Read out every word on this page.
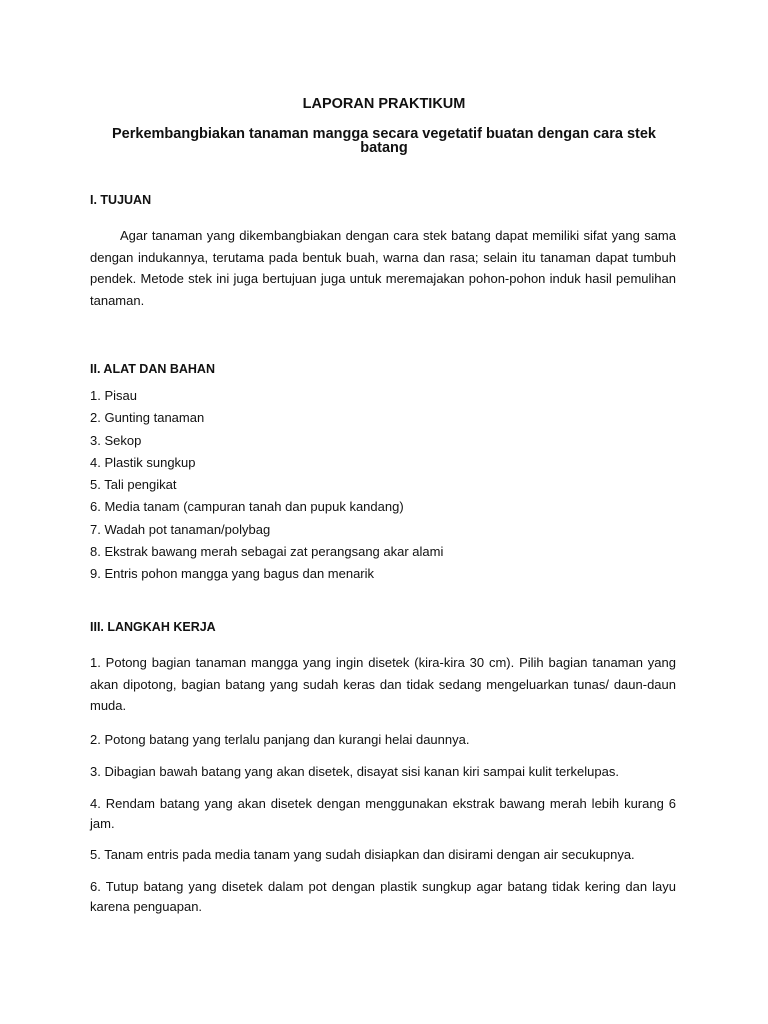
LAPORAN PRAKTIKUM
Perkembangbiakan tanaman mangga secara vegetatif buatan dengan cara stek batang
I. TUJUAN

Agar tanaman yang dikembangbiakan dengan cara stek batang dapat memiliki sifat yang sama dengan indukannya, terutama pada bentuk buah, warna dan rasa; selain itu tanaman dapat tumbuh pendek. Metode stek ini juga bertujuan juga untuk meremajakan pohon-pohon induk hasil pemulihan tanaman.

II. ALAT DAN BAHAN
1. Pisau
2. Gunting tanaman
3. Sekop
4. Plastik sungkup
5. Tali pengikat
6. Media tanam (campuran tanah dan pupuk kandang)
7. Wadah pot tanaman/polybag
8. Ekstrak bawang merah sebagai zat perangsang akar alami
9. Entris pohon mangga yang bagus dan menarik
III. LANGKAH KERJA

1. Potong bagian tanaman mangga yang ingin disetek (kira-kira 30 cm). Pilih bagian tanaman yang akan dipotong, bagian batang yang sudah keras dan tidak sedang mengeluarkan tunas/ daun-daun muda.

2. Potong batang yang terlalu panjang dan kurangi helai daunnya.

3. Dibagian bawah batang yang akan disetek, disayat sisi kanan kiri sampai kulit terkelupas.

4. Rendam batang yang akan disetek dengan menggunakan ekstrak bawang merah lebih kurang 6 jam.

5. Tanam entris pada media tanam yang sudah disiapkan dan disirami dengan air secukupnya.

6. Tutup batang yang disetek dalam pot dengan plastik sungkup agar batang tidak kering dan layu karena penguapan.
